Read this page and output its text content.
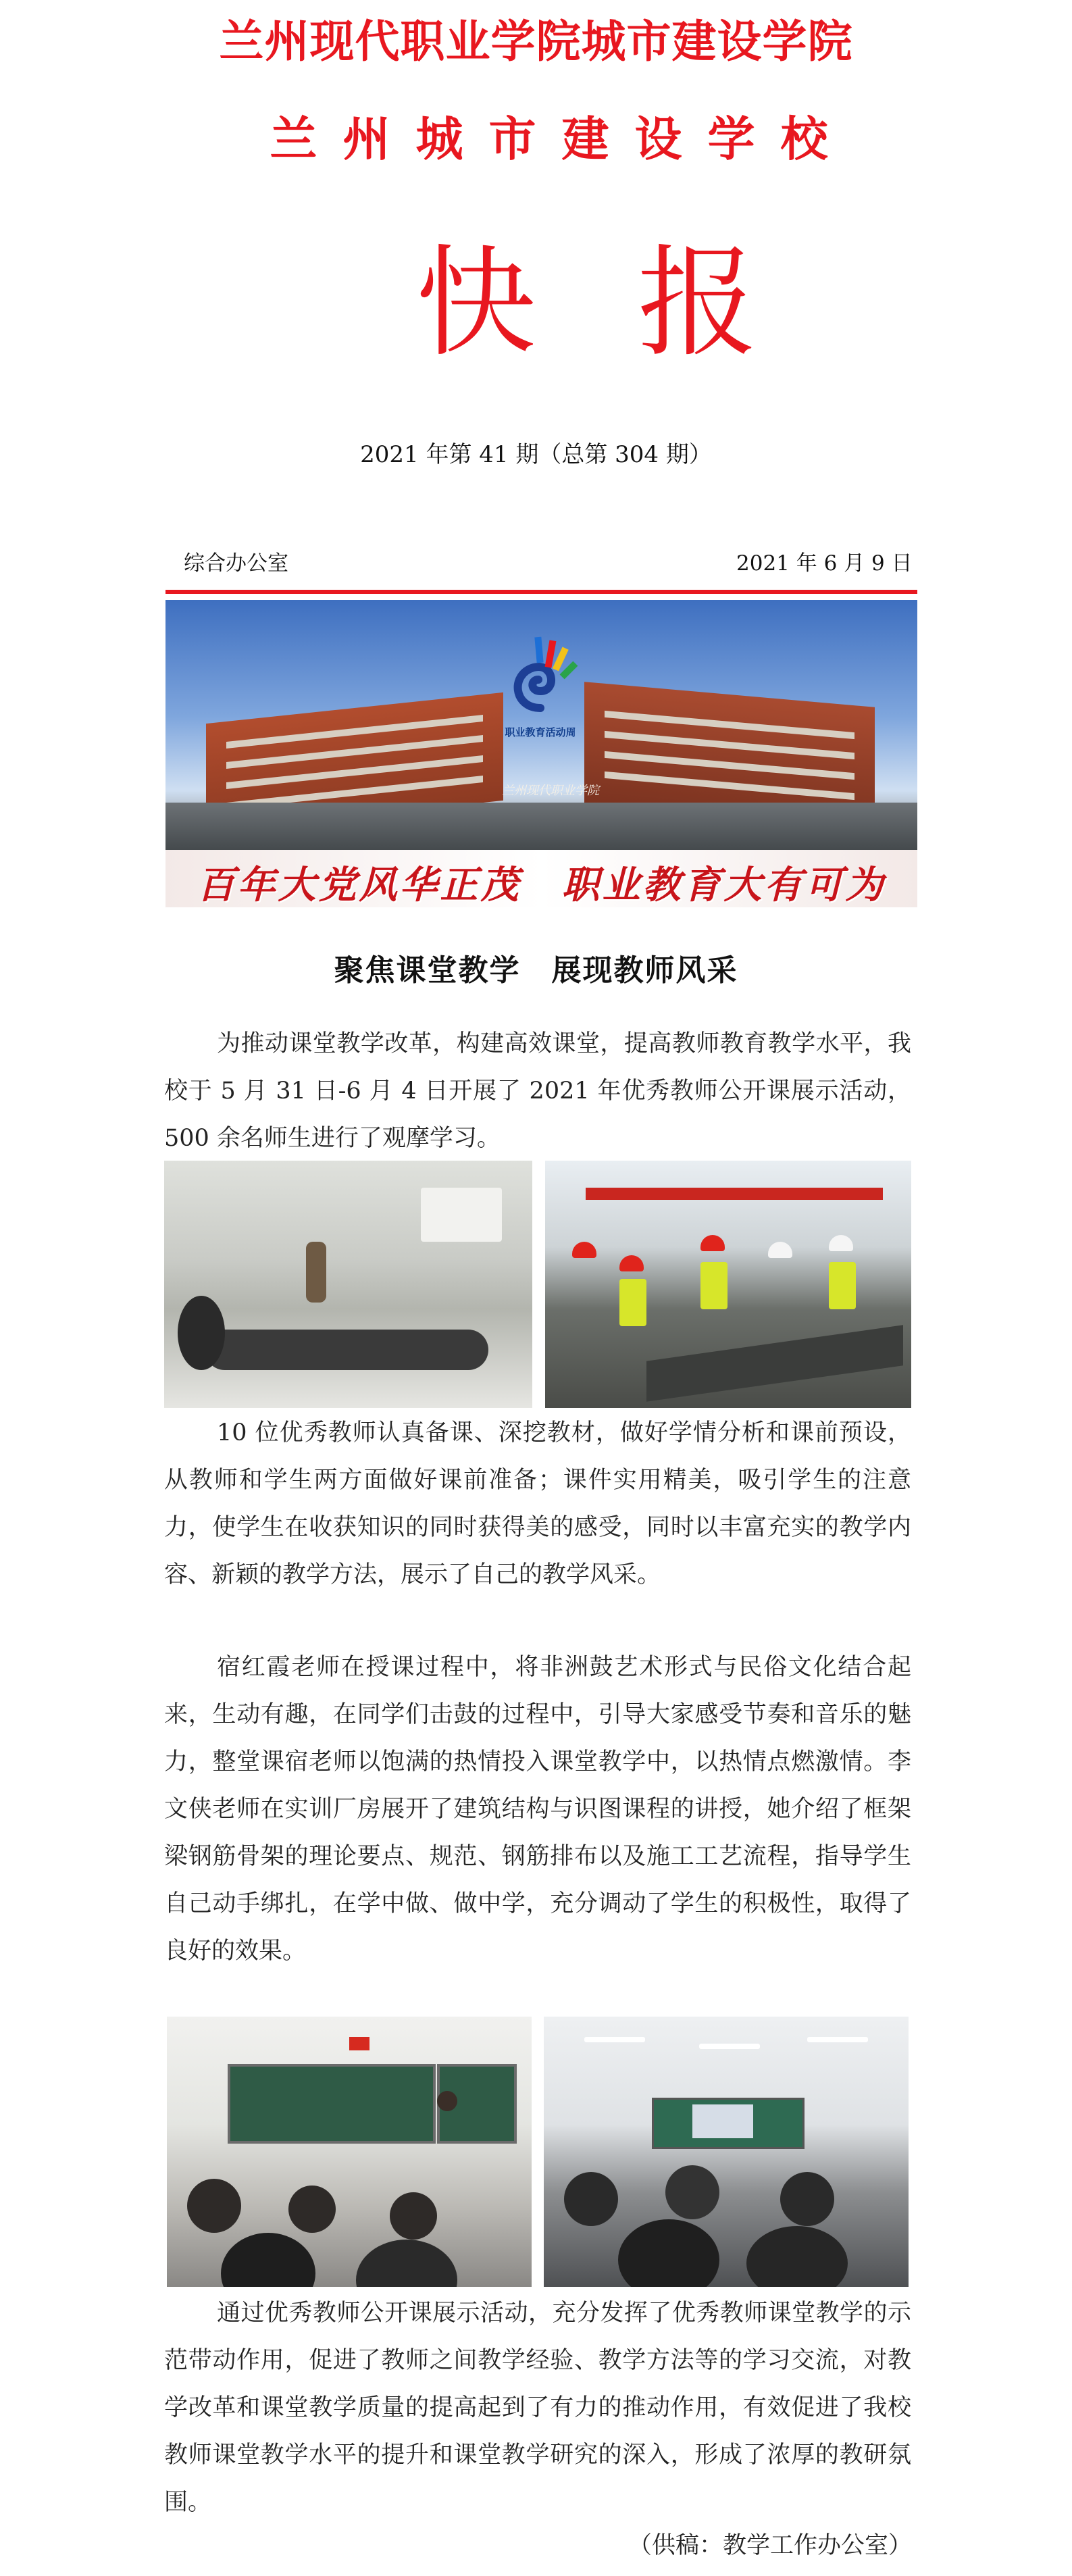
兰州现代职业学院城市建设学院
兰州城市建设学校
快报
2021 年第 41 期（总第 304 期）
综合办公室	2021 年 6 月 9 日
职业教育活动周
兰州现代职业学院
百年大党风华正茂　职业教育大有可为
聚焦课堂教学　展现教师风采
为推动课堂教学改革，构建高效课堂，提高教师教育教学水平，我校于 5 月 31 日-6 月 4 日开展了 2021 年优秀教师公开课展示活动，500 余名师生进行了观摩学习。
10 位优秀教师认真备课、深挖教材，做好学情分析和课前预设，从教师和学生两方面做好课前准备；课件实用精美，吸引学生的注意力，使学生在收获知识的同时获得美的感受，同时以丰富充实的教学内容、新颖的教学方法，展示了自己的教学风采。
宿红霞老师在授课过程中，将非洲鼓艺术形式与民俗文化结合起来，生动有趣，在同学们击鼓的过程中，引导大家感受节奏和音乐的魅力，整堂课宿老师以饱满的热情投入课堂教学中，以热情点燃激情。李文侠老师在实训厂房展开了建筑结构与识图课程的讲授，她介绍了框架梁钢筋骨架的理论要点、规范、钢筋排布以及施工工艺流程，指导学生自己动手绑扎，在学中做、做中学，充分调动了学生的积极性，取得了良好的效果。
通过优秀教师公开课展示活动，充分发挥了优秀教师课堂教学的示范带动作用，促进了教师之间教学经验、教学方法等的学习交流，对教学改革和课堂教学质量的提高起到了有力的推动作用，有效促进了我校教师课堂教学水平的提升和课堂教学研究的深入，形成了浓厚的教研氛围。
（供稿：教学工作办公室）
